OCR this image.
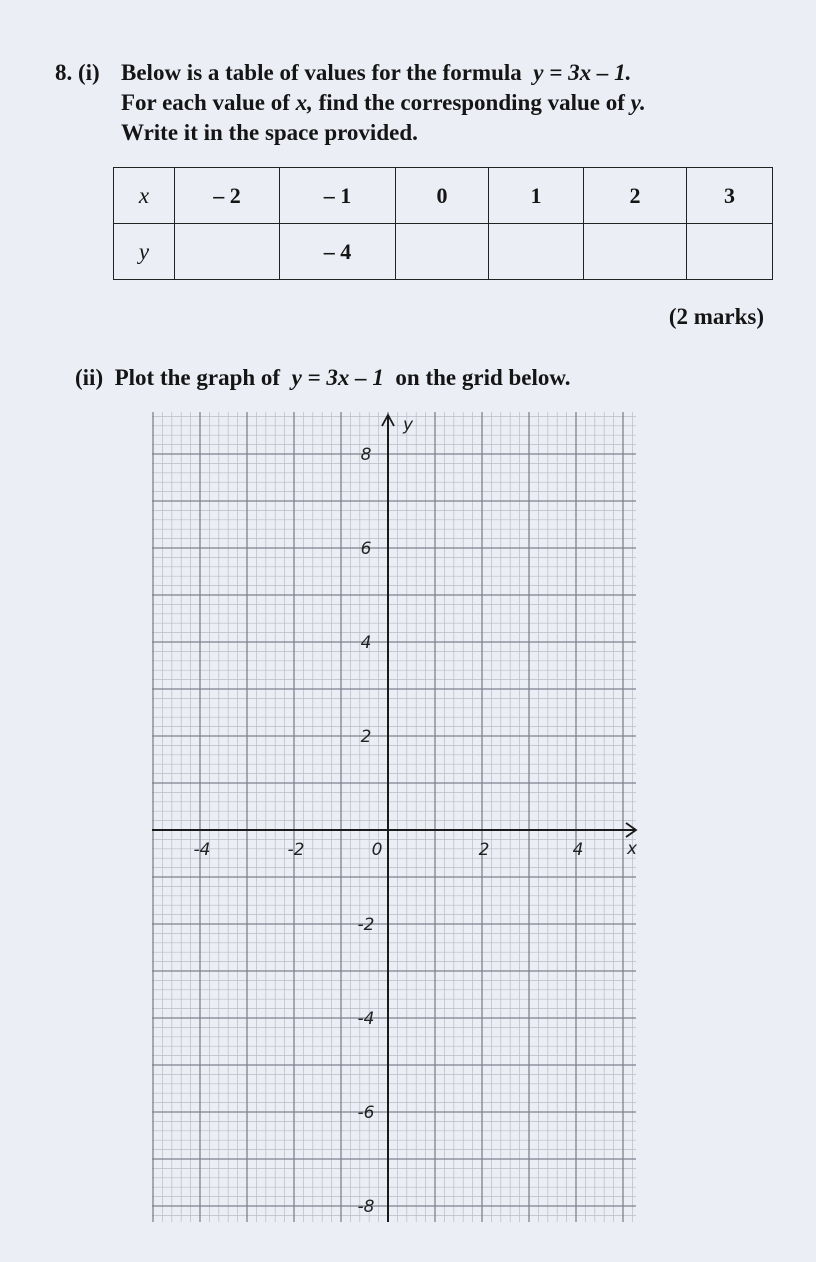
8. (i) Below is a table of values for the formula y = 3x – 1.
For each value of x, find the corresponding value of y.
Write it in the space provided.
x	– 2	– 1	0	1	2	3
y		– 4				
(2 marks)
(ii) Plot the graph of y = 3x – 1 on the grid below.
x
y
-4	-2	0	2	4
8
6
4
2
-2
-4
-6
-8
